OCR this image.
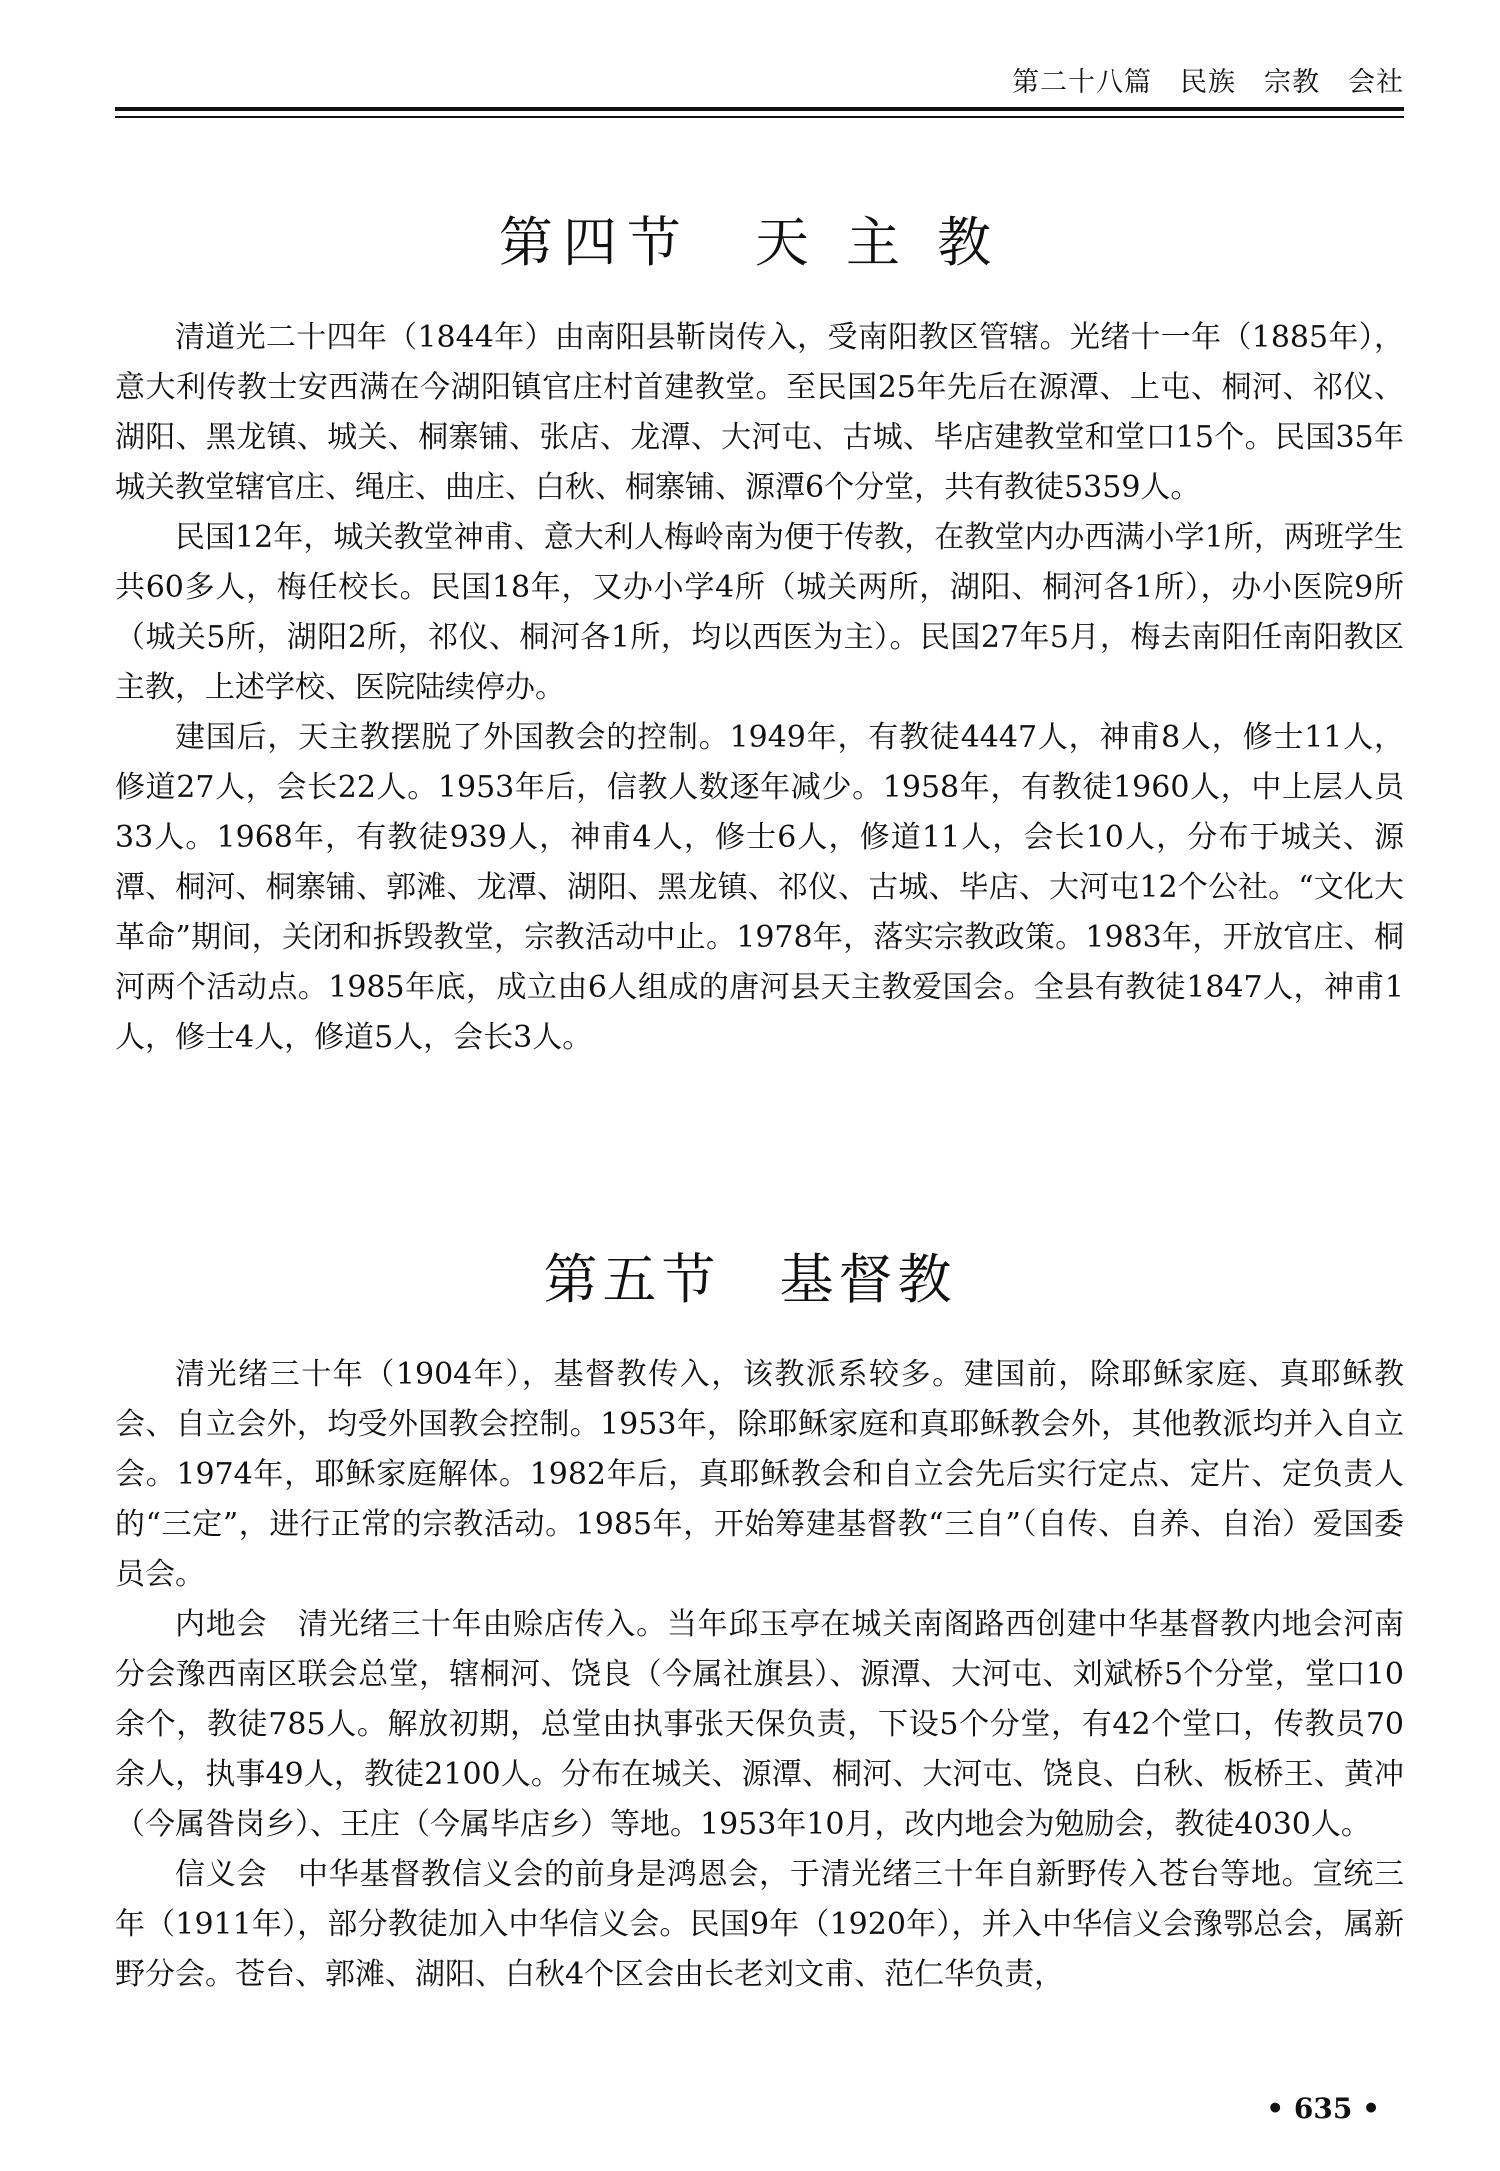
第二十八篇　民族　宗教　会社
第四节　天 主 教

清道光二十四年（1844年）由南阳县靳岗传入，受南阳教区管辖。光绪十一年（1885年），意大利传教士安西满在今湖阳镇官庄村首建教堂。至民国25年先后在源潭、上屯、桐河、祁仪、湖阳、黑龙镇、城关、桐寨铺、张店、龙潭、大河屯、古城、毕店建教堂和堂口15个。民国35年城关教堂辖官庄、绳庄、曲庄、白秋、桐寨铺、源潭6个分堂，共有教徒5359人。

民国12年，城关教堂神甫、意大利人梅岭南为便于传教，在教堂内办西满小学1所，两班学生共60多人，梅任校长。民国18年，又办小学4所（城关两所，湖阳、桐河各1所），办小医院9所（城关5所，湖阳2所，祁仪、桐河各1所，均以西医为主）。民国27年5月，梅去南阳任南阳教区主教，上述学校、医院陆续停办。

建国后，天主教摆脱了外国教会的控制。1949年，有教徒4447人，神甫8人，修士11人，修道27人，会长22人。1953年后，信教人数逐年减少。1958年，有教徒1960人，中上层人员33人。1968年，有教徒939人，神甫4人，修士6人，修道11人，会长10人，分布于城关、源潭、桐河、桐寨铺、郭滩、龙潭、湖阳、黑龙镇、祁仪、古城、毕店、大河屯12个公社。“文化大革命”期间，关闭和拆毁教堂，宗教活动中止。1978年，落实宗教政策。1983年，开放官庄、桐河两个活动点。1985年底，成立由6人组成的唐河县天主教爱国会。全县有教徒1847人，神甫1人，修士4人，修道5人，会长3人。

第五节　基督教

清光绪三十年（1904年），基督教传入，该教派系较多。建国前，除耶稣家庭、真耶稣教会、自立会外，均受外国教会控制。1953年，除耶稣家庭和真耶稣教会外，其他教派均并入自立会。1974年，耶稣家庭解体。1982年后，真耶稣教会和自立会先后实行定点、定片、定负责人的“三定”，进行正常的宗教活动。1985年，开始筹建基督教“三自”（自传、自养、自治）爱国委员会。

内地会　清光绪三十年由赊店传入。当年邱玉亭在城关南阁路西创建中华基督教内地会河南分会豫西南区联会总堂，辖桐河、饶良（今属社旗县）、源潭、大河屯、刘斌桥5个分堂，堂口10余个，教徒785人。解放初期，总堂由执事张天保负责，下设5个分堂，有42个堂口，传教员70余人，执事49人，教徒2100人。分布在城关、源潭、桐河、大河屯、饶良、白秋、板桥王、黄冲（今属昝岗乡）、王庄（今属毕店乡）等地。1953年10月，改内地会为勉励会，教徒4030人。

信义会　中华基督教信义会的前身是鸿恩会，于清光绪三十年自新野传入苍台等地。宣统三年（1911年），部分教徒加入中华信义会。民国9年（1920年），并入中华信义会豫鄂总会，属新野分会。苍台、郭滩、湖阳、白秋4个区会由长老刘文甫、范仁华负责，

• 635 •
